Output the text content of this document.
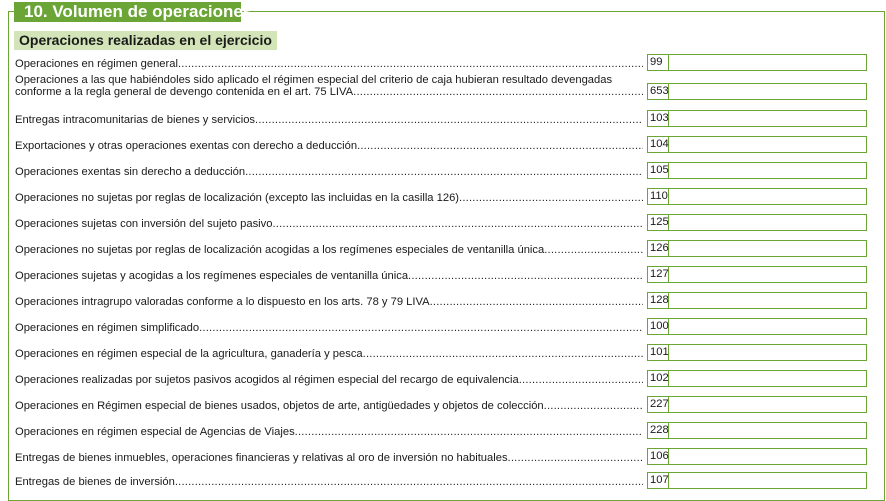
10. Volumen de operaciones
Operaciones realizadas en el ejercicio
Operaciones en régimen general .....	99
Operaciones a las que habiéndoles sido aplicado el régimen especial del criterio de caja hubieran resultado devengadas
conforme a la regla general de devengo contenida en el art. 75 LIVA .....	653
Entregas intracomunitarias de bienes y servicios .....	103
Exportaciones y otras operaciones exentas con derecho a deducción .....	104
Operaciones exentas sin derecho a deducción .....	105
Operaciones no sujetas por reglas de localización (excepto las incluidas en la casilla 126) .....	110
Operaciones sujetas con inversión del sujeto pasivo .....	125
Operaciones no sujetas por reglas de localización acogidas a los regímenes especiales de ventanilla única .....	126
Operaciones sujetas y acogidas a los regímenes especiales de ventanilla única .....	127
Operaciones intragrupo valoradas conforme a lo dispuesto en los arts. 78 y 79 LIVA .....	128
Operaciones en régimen simplificado .....	100
Operaciones en régimen especial de la agricultura, ganadería y pesca .....	101
Operaciones realizadas por sujetos pasivos acogidos al régimen especial del recargo de equivalencia .....	102
Operaciones en Régimen especial de bienes usados, objetos de arte, antigüedades y objetos de colección .....	227
Operaciones en régimen especial de Agencias de Viajes .....	228
Entregas de bienes inmuebles, operaciones financieras y relativas al oro de inversión no habituales .....	106
Entregas de bienes de inversión .....	107
